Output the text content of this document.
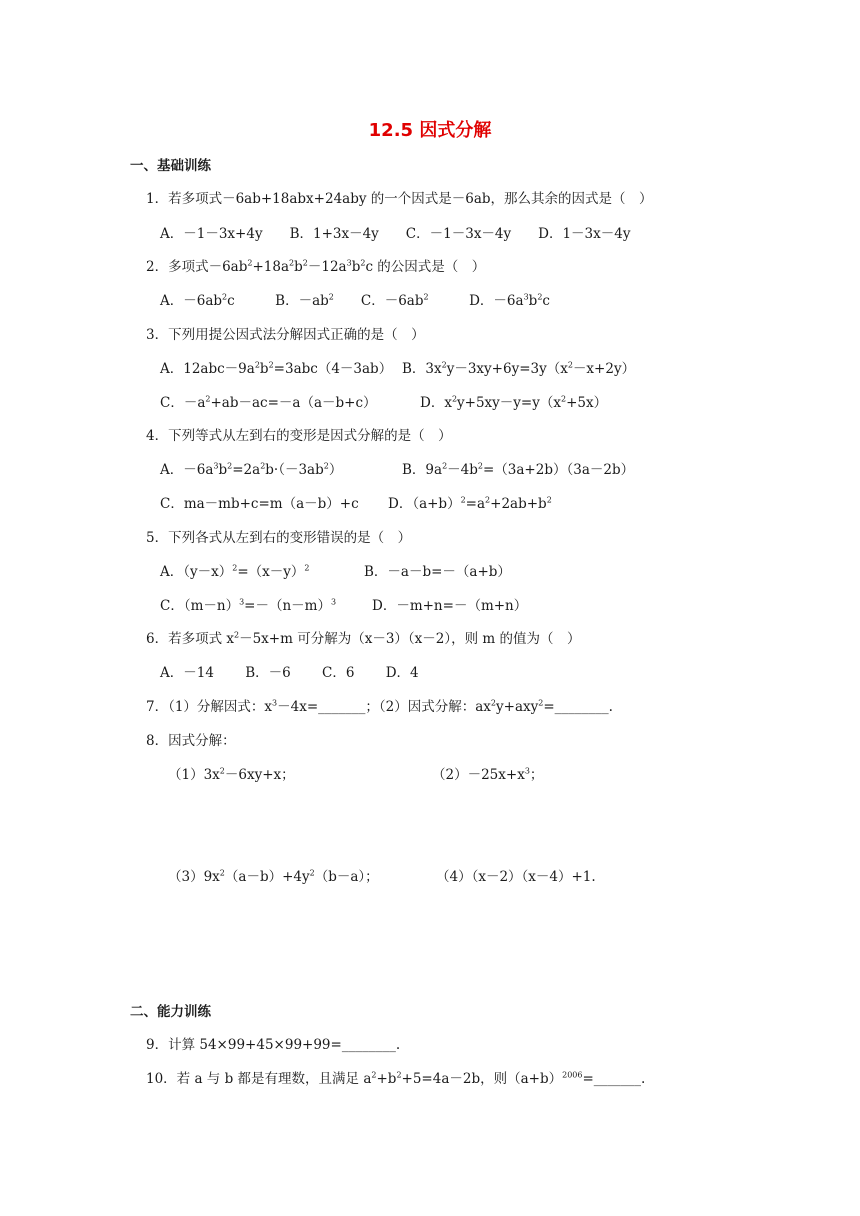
12.5 因式分解
一、基础训练
1．若多项式－6ab+18abx+24aby 的一个因式是－6ab，那么其余的因式是（　）
A．－1－3x+4y　　B．1+3x－4y　　C．－1－3x－4y　　D．1－3x－4y
2．多项式$-6ab^2+18a^2b^2-12a^3b^2c$ 的公因式是（　）
A．$-6ab^2c$　　　B．$-ab^2$　　C．$-6ab^2$　　　D．$-6a^3b^2c$
3．下列用提公因式法分解因式正确的是（　）
A．$12abc-9a^2b^2=3abc(4-3ab)$ B．$3x^2y-3xy+6y=3y(x^2-x+2y)$
C．$-a^2+ab-ac=-a(a-b+c)$	D．$x^2y+5xy-y=y(x^2+5x)$
4．下列等式从左到右的变形是因式分解的是（　）
A．$-6a^3b^2=2a^2b\cdot(-3ab^2)$	B．$9a^2-4b^2=(3a+2b)(3a-2b)$
C．ma－mb+c=m（a－b）+c D．$(a+b)^2=a^2+2ab+b^2$
5．下列各式从左到右的变形错误的是（　）
A．$(y-x)^2=(x-y)^2$	B．－a－b=－（a+b）
C．$(m-n)^3=-(n-m)^3$	D．－m+n=－（m+n）
6．若多项式 $x^2-5x+m$ 可分解为（x－3）（x－2），则 m 的值为（　）
A．－14　　 B．－6　　 C．6　　 D．4
7．（1）分解因式：$x^3-4x=\_\_\_\_\_\_\_$；（2）因式分解：$ax^2y+axy^2=\_\_\_\_\_\_\_\_$.
8．因式分解：
$(1)3x^2-6xy+x$；	$(2)-25x+x^3$；
$(3)9x^2(a-b)+4y^2(b-a)$；	（4）（x－2）（x－4）+1.
二、能力训练
9．计算 54×99+45×99+99=________.
10．若 a 与 b 都是有理数，且满足 $a^2+b^2+5=4a-2b$，则$(a+b)^{2006}=\_\_\_\_\_\_\_$.
